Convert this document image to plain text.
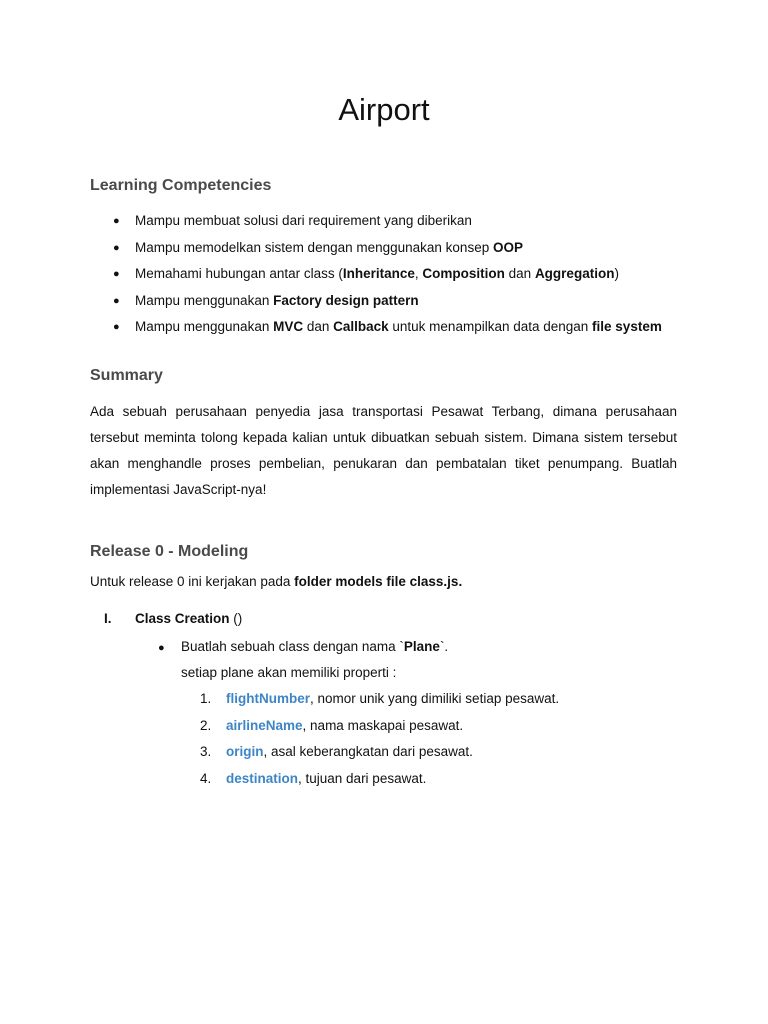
Airport
Learning Competencies
● Mampu membuat solusi dari requirement yang diberikan
● Mampu memodelkan sistem dengan menggunakan konsep OOP
● Memahami hubungan antar class (Inheritance, Composition dan Aggregation)
● Mampu menggunakan Factory design pattern
● Mampu menggunakan MVC dan Callback untuk menampilkan data dengan file system
Summary

Ada sebuah perusahaan penyedia jasa transportasi Pesawat Terbang, dimana perusahaan
tersebut meminta tolong kepada kalian untuk dibuatkan sebuah sistem. Dimana sistem tersebut
akan menghandle proses pembelian, penukaran dan pembatalan tiket penumpang. Buatlah
implementasi JavaScript-nya!

Release 0 - Modeling

Untuk release 0 ini kerjakan pada folder models file class.js.

I. Class Creation ()
● Buatlah sebuah class dengan nama `Plane`.
setiap plane akan memiliki properti :
1. flightNumber, nomor unik yang dimiliki setiap pesawat.
2. airlineName, nama maskapai pesawat.
3. origin, asal keberangkatan dari pesawat.
4. destination, tujuan dari pesawat.
